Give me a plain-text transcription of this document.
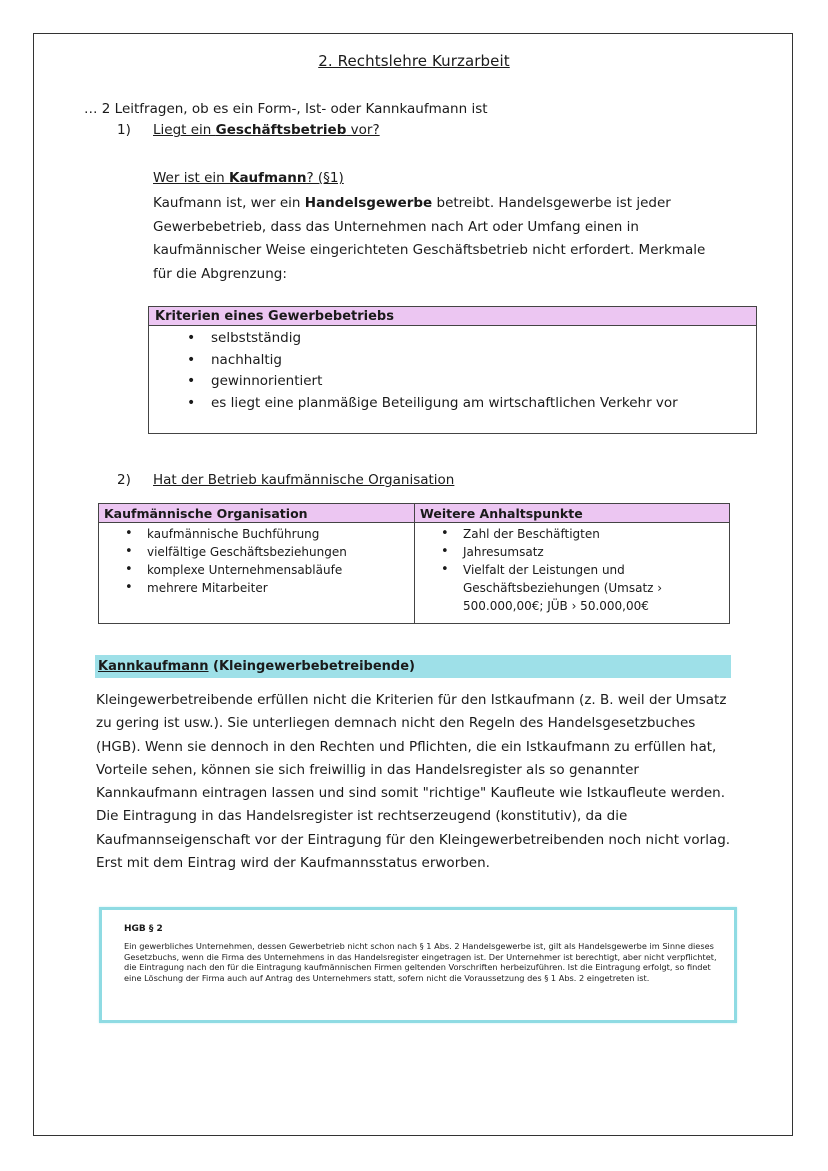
2. Rechtslehre Kurzarbeit
… 2 Leitfragen, ob es ein Form-, Ist- oder Kannkaufmann ist
1) Liegt ein Geschäftsbetrieb vor?
Wer ist ein Kaufmann? (§1)
Kaufmann ist, wer ein Handelsgewerbe betreibt. Handelsgewerbe ist jeder Gewerbebetrieb, dass das Unternehmen nach Art oder Umfang einen in kaufmännischer Weise eingerichteten Geschäftsbetrieb nicht erfordert. Merkmale für die Abgrenzung:
Kriterien eines Gewerbebetriebs
• selbstständig
• nachhaltig
• gewinnorientiert
• es liegt eine planmäßige Beteiligung am wirtschaftlichen Verkehr vor
2) Hat der Betrieb kaufmännische Organisation
Kaufmännische Organisation
• kaufmännische Buchführung
• vielfältige Geschäftsbeziehungen
• komplexe Unternehmensabläufe
• mehrere Mitarbeiter
Weitere Anhaltspunkte
• Zahl der Beschäftigten
• Jahresumsatz
• Vielfalt der Leistungen und Geschäftsbeziehungen (Umsatz › 500.000,00€; JÜB › 50.000,00€
Kannkaufmann (Kleingewerbebetreibende)
Kleingewerbetreibende erfüllen nicht die Kriterien für den Istkaufmann (z. B. weil der Umsatz zu gering ist usw.). Sie unterliegen demnach nicht den Regeln des Handelsgesetzbuches (HGB). Wenn sie dennoch in den Rechten und Pflichten, die ein Istkaufmann zu erfüllen hat, Vorteile sehen, können sie sich freiwillig in das Handelsregister als so genannter Kannkaufmann eintragen lassen und sind somit "richtige" Kaufleute wie Istkaufleute werden. Die Eintragung in das Handelsregister ist rechtserzeugend (konstitutiv), da die Kaufmannseigenschaft vor der Eintragung für den Kleingewerbetreibenden noch nicht vorlag. Erst mit dem Eintrag wird der Kaufmannsstatus erworben.
HGB § 2
Ein gewerbliches Unternehmen, dessen Gewerbetrieb nicht schon nach § 1 Abs. 2 Handelsgewerbe ist, gilt als Handelsgewerbe im Sinne dieses Gesetzbuchs, wenn die Firma des Unternehmens in das Handelsregister eingetragen ist. Der Unternehmer ist berechtigt, aber nicht verpflichtet, die Eintragung nach den für die Eintragung kaufmännischen Firmen geltenden Vorschriften herbeizuführen. Ist die Eintragung erfolgt, so findet eine Löschung der Firma auch auf Antrag des Unternehmers statt, sofern nicht die Voraussetzung des § 1 Abs. 2 eingetreten ist.
